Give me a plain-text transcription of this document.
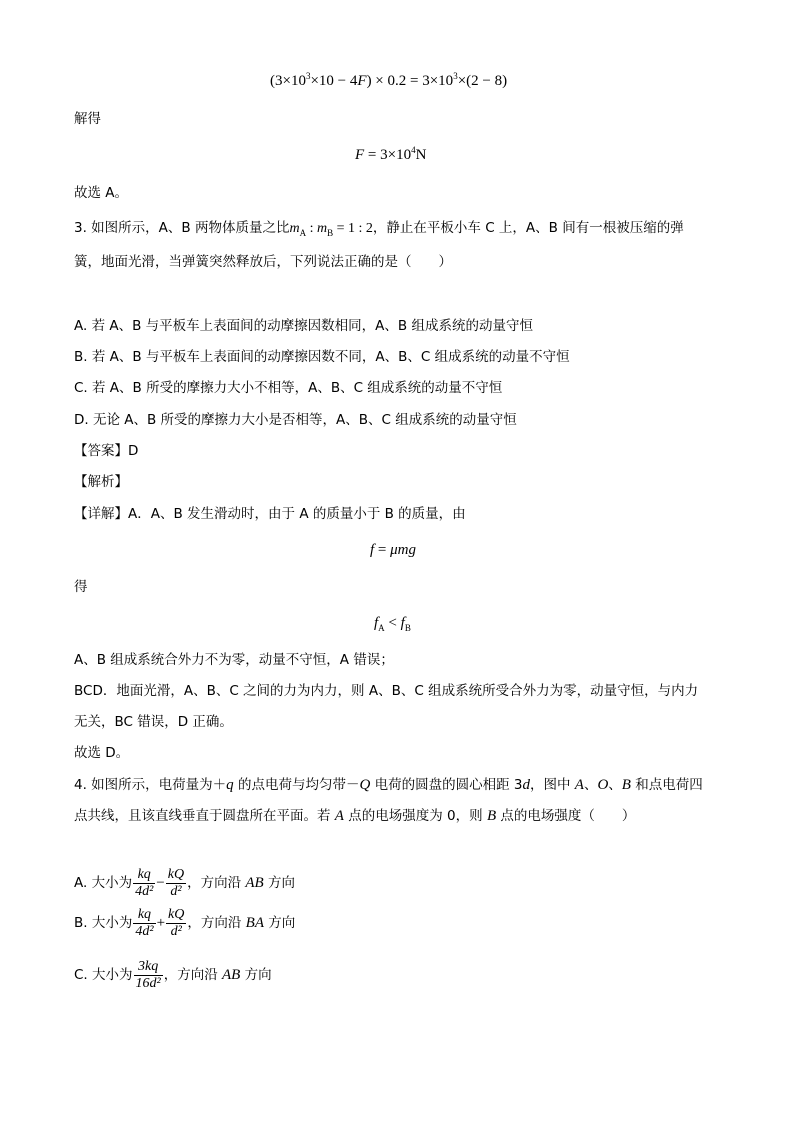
$(3\times 10^3\times 10 - 4F) \times 0.2 = 3\times 10^3\times(2 - 8)$
解得
$F = 3\times 10^4N$
故选 A。
3. 如图所示，A、B 两物体质量之比$m_A$ : $m_B = 1$ : 2，静止在平板小车 C 上，A、B 间有一根被压缩的弹
簧，地面光滑，当弹簧突然释放后，下列说法正确的是（　　）
A. 若 A、B 与平板车上表面间的动摩擦因数相同，A、B 组成系统的动量守恒
B. 若 A、B 与平板车上表面间的动摩擦因数不同，A、B、C 组成系统的动量不守恒
C. 若 A、B 所受的摩擦力大小不相等，A、B、C 组成系统的动量不守恒
D. 无论 A、B 所受的摩擦力大小是否相等，A、B、C 组成系统的动量守恒
【答案】D
【解析】
【详解】A．A、B 发生滑动时，由于 A 的质量小于 B 的质量，由
f = μmg
得
$f_A < f_B$
A、B 组成系统合外力不为零，动量不守恒，A 错误；
BCD．地面光滑，A、B、C 之间的力为内力，则 A、B、C 组成系统所受合外力为零，动量守恒，与内力
无关，BC 错误，D 正确。
故选 D。
4. 如图所示，电荷量为＋q 的点电荷与均匀带－Q 电荷的圆盘的圆心相距 3d，图中 A、O、B 和点电荷四
点共线，且该直线垂直于圆盘所在平面。若 A 点的电场强度为 0，则 B 点的电场强度（　　）
A. 大小为 $\frac{kq}{\text{4d²}} - \frac{kQ}{\text{d²}}$ ，方向沿 AB 方向
B. 大小为 $\frac{kq}{\text{4d²}} + \frac{kQ}{\text{d²}}$ ，方向沿 BA 方向
C. 大小为 $\frac{3kq}{\text{16d²}}$ ，方向沿 AB 方向
